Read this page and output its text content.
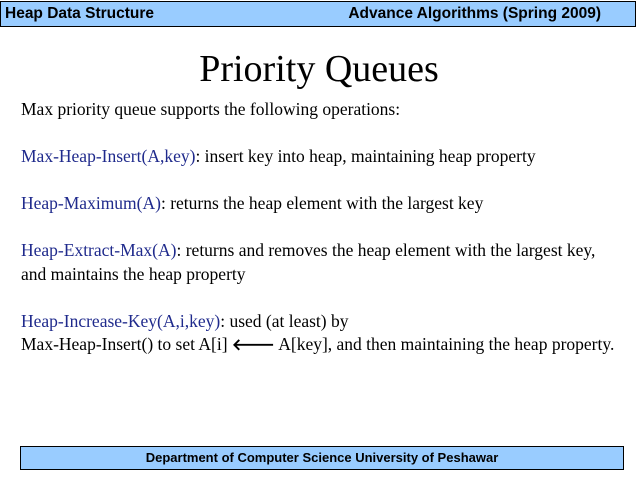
Heap Data Structure	Advance Algorithms (Spring 2009)
Priority Queues

Max priority queue supports the following operations:

Max-Heap-Insert(A,key): insert key into heap, maintaining heap property

Heap-Maximum(A): returns the heap element with the largest key

Heap-Extract-Max(A): returns and removes the heap element with the largest key,

and maintains the heap property

Heap-Increase-Key(A,i,key): used (at least) by

Max-Heap-Insert() to set A[i] 🡐 A[key], and then maintaining the heap property.

Department of Computer Science University of Peshawar
